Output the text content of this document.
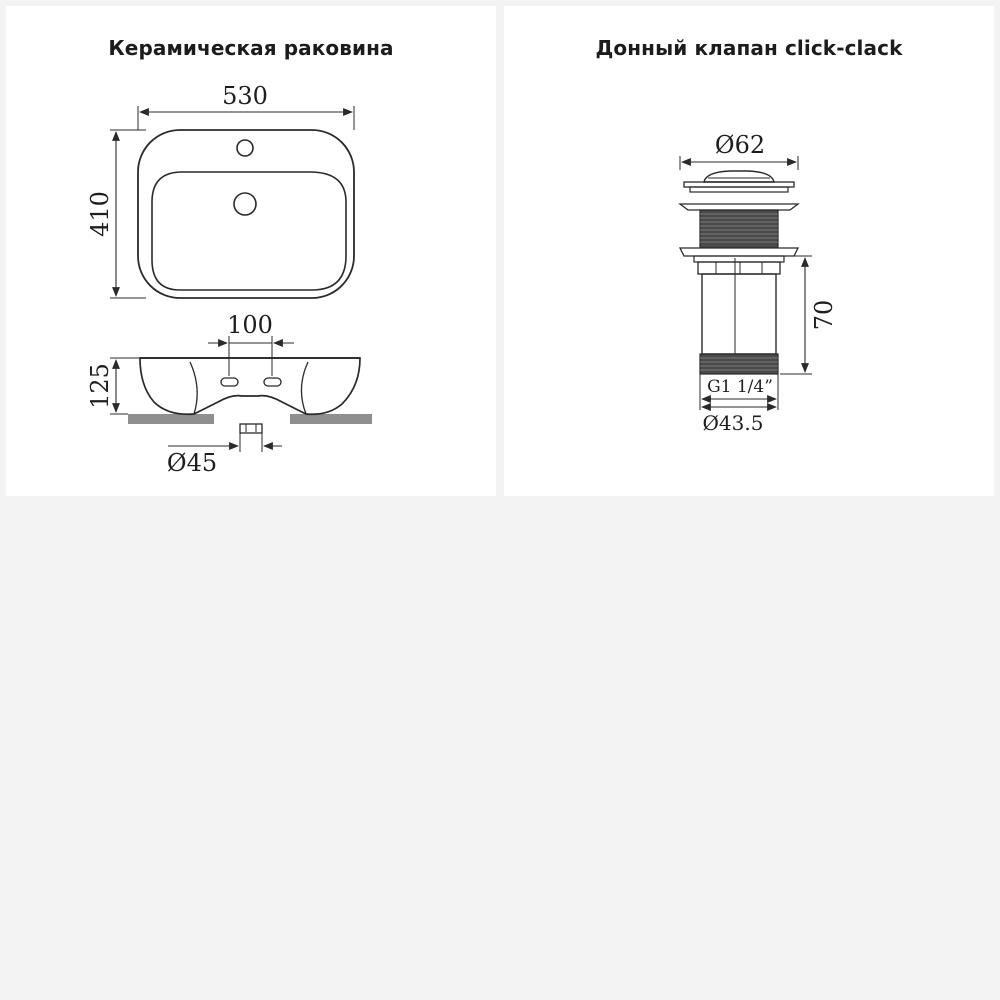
Керамическая раковина
530
410
100
125
Ø45
Донный клапан click-clack
Ø62
70
G1 1/4”
Ø43.5
